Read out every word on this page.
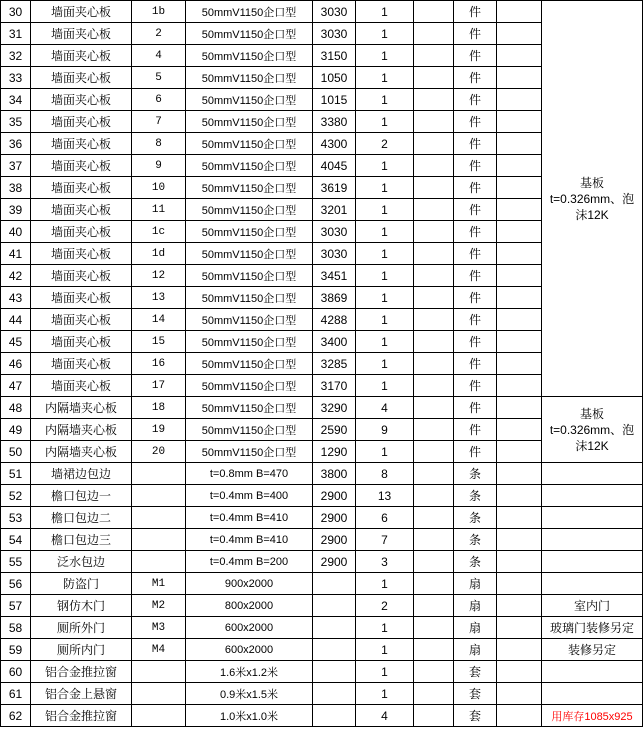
30	墙面夹心板	1b	50mmV1150企口型	3030	1		件		基板t=0.326mm、泡沫12K
31	墙面夹心板	2	50mmV1150企口型	3030	1		件		
32	墙面夹心板	4	50mmV1150企口型	3150	1		件		
33	墙面夹心板	5	50mmV1150企口型	1050	1		件		
34	墙面夹心板	6	50mmV1150企口型	1015	1		件		
35	墙面夹心板	7	50mmV1150企口型	3380	1		件		
36	墙面夹心板	8	50mmV1150企口型	4300	2		件		
37	墙面夹心板	9	50mmV1150企口型	4045	1		件		
38	墙面夹心板	10	50mmV1150企口型	3619	1		件		
39	墙面夹心板	11	50mmV1150企口型	3201	1		件		
40	墙面夹心板	1c	50mmV1150企口型	3030	1		件		
41	墙面夹心板	1d	50mmV1150企口型	3030	1		件		
42	墙面夹心板	12	50mmV1150企口型	3451	1		件		
43	墙面夹心板	13	50mmV1150企口型	3869	1		件		
44	墙面夹心板	14	50mmV1150企口型	4288	1		件		
45	墙面夹心板	15	50mmV1150企口型	3400	1		件		
46	墙面夹心板	16	50mmV1150企口型	3285	1		件		
47	墙面夹心板	17	50mmV1150企口型	3170	1		件		
48	内隔墙夹心板	18	50mmV1150企口型	3290	4		件		基板t=0.326mm、泡沫12K
49	内隔墙夹心板	19	50mmV1150企口型	2590	9		件		
50	内隔墙夹心板	20	50mmV1150企口型	1290	1		件		
51	墙裙边包边		t=0.8mm B=470	3800	8		条		
52	檐口包边一		t=0.4mm B=400	2900	13		条		
53	檐口包边二		t=0.4mm B=410	2900	6		条		
54	檐口包边三		t=0.4mm B=410	2900	7		条		
55	泛水包边		t=0.4mm B=200	2900	3		条		
56	防盗门	M1	900x2000		1		扇		
57	钢仿木门	M2	800x2000		2		扇		室内门
58	厕所外门	M3	600x2000		1		扇		玻璃门装修另定
59	厕所内门	M4	600x2000		1		扇		装修另定
60	铝合金推拉窗		1.6米x1.2米		1		套		
61	铝合金上悬窗		0.9米x1.5米		1		套		
62	铝合金推拉窗		1.0米x1.0米		4		套		用库存1085x925
